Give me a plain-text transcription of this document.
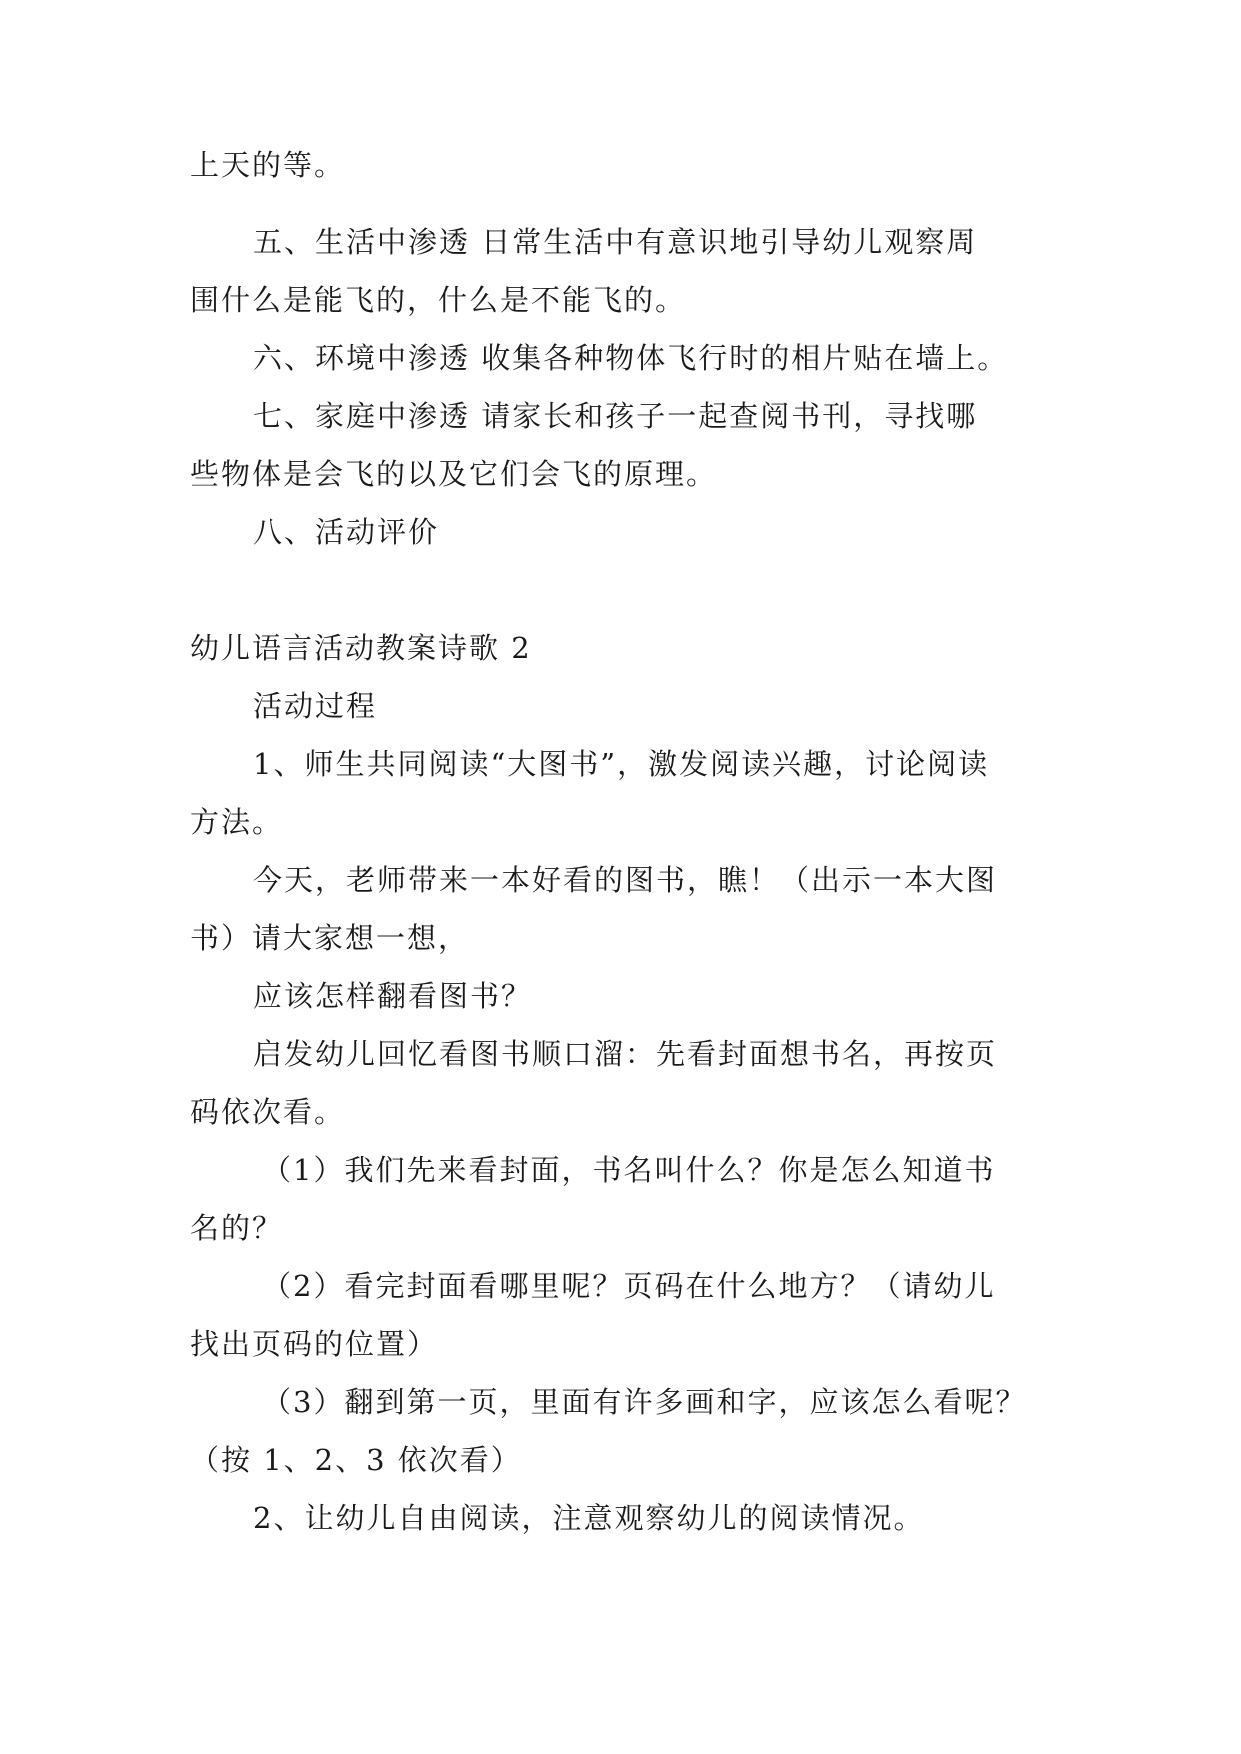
上天的等。
五、生活中渗透 日常生活中有意识地引导幼儿观察周
围什么是能飞的，什么是不能飞的。
六、环境中渗透 收集各种物体飞行时的相片贴在墙上。
七、家庭中渗透 请家长和孩子一起查阅书刊，寻找哪
些物体是会飞的以及它们会飞的原理。
八、活动评价
幼儿语言活动教案诗歌 2
活动过程
1、师生共同阅读“大图书”，激发阅读兴趣，讨论阅读
方法。
今天，老师带来一本好看的图书，瞧！（出示一本大图
书）请大家想一想，
应该怎样翻看图书？
启发幼儿回忆看图书顺口溜：先看封面想书名，再按页
码依次看。
（1）我们先来看封面，书名叫什么？你是怎么知道书
名的？
（2）看完封面看哪里呢？页码在什么地方？（请幼儿
找出页码的位置）
（3）翻到第一页，里面有许多画和字，应该怎么看呢？
（按 1、2、3 依次看）
2、让幼儿自由阅读，注意观察幼儿的阅读情况。
